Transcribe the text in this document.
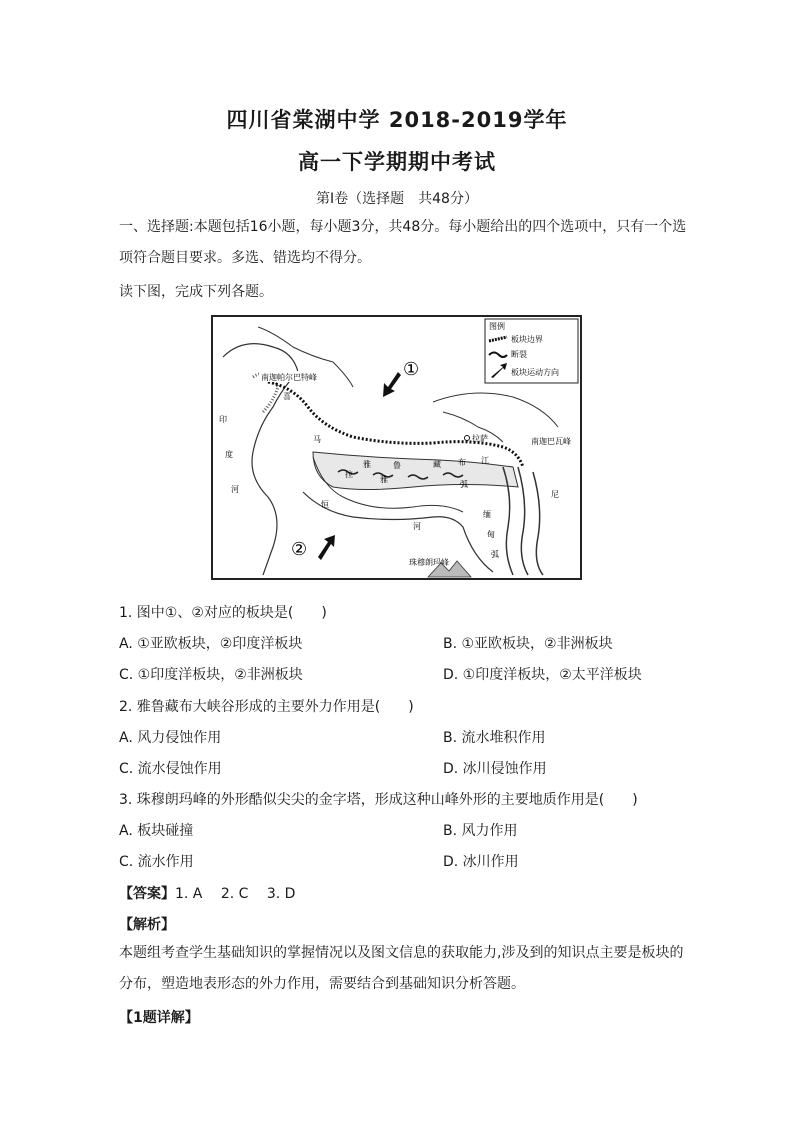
四川省棠湖中学 2018-2019学年
高一下学期期中考试
第Ⅰ卷（选择题　共48分）
一、选择题:本题包括16小题，每小题3分，共48分。每小题给出的四个选项中，只有一个选项符合题目要求。多选、错选均不得分。
读下图，完成下列各题。
图例
板块边界
断裂
板块运动方向
①
②
南迦帕尔巴特峰
南迦巴瓦峰
拉萨
雅	鲁	藏 布 江
喜
马
拉
雅
弧
印
度
河
恒
河
缅
甸
弧
尼
珠穆朗玛峰
1. 图中①、②对应的板块是(　　)
A. ①亚欧板块，②印度洋板块	B. ①亚欧板块，②非洲板块
C. ①印度洋板块，②非洲板块	D. ①印度洋板块，②太平洋板块
2. 雅鲁藏布大峡谷形成的主要外力作用是(　　)
A. 风力侵蚀作用	B. 流水堆积作用
C. 流水侵蚀作用	D. 冰川侵蚀作用
3. 珠穆朗玛峰的外形酷似尖尖的金字塔，形成这种山峰外形的主要地质作用是(　　)
A. 板块碰撞	B. 风力作用
C. 流水作用	D. 冰川作用
【答案】1. A　 2. C　 3. D
【解析】
本题组考查学生基础知识的掌握情况以及图文信息的获取能力,涉及到的知识点主要是板块的分布，塑造地表形态的外力作用，需要结合到基础知识分析答题。
【1题详解】
